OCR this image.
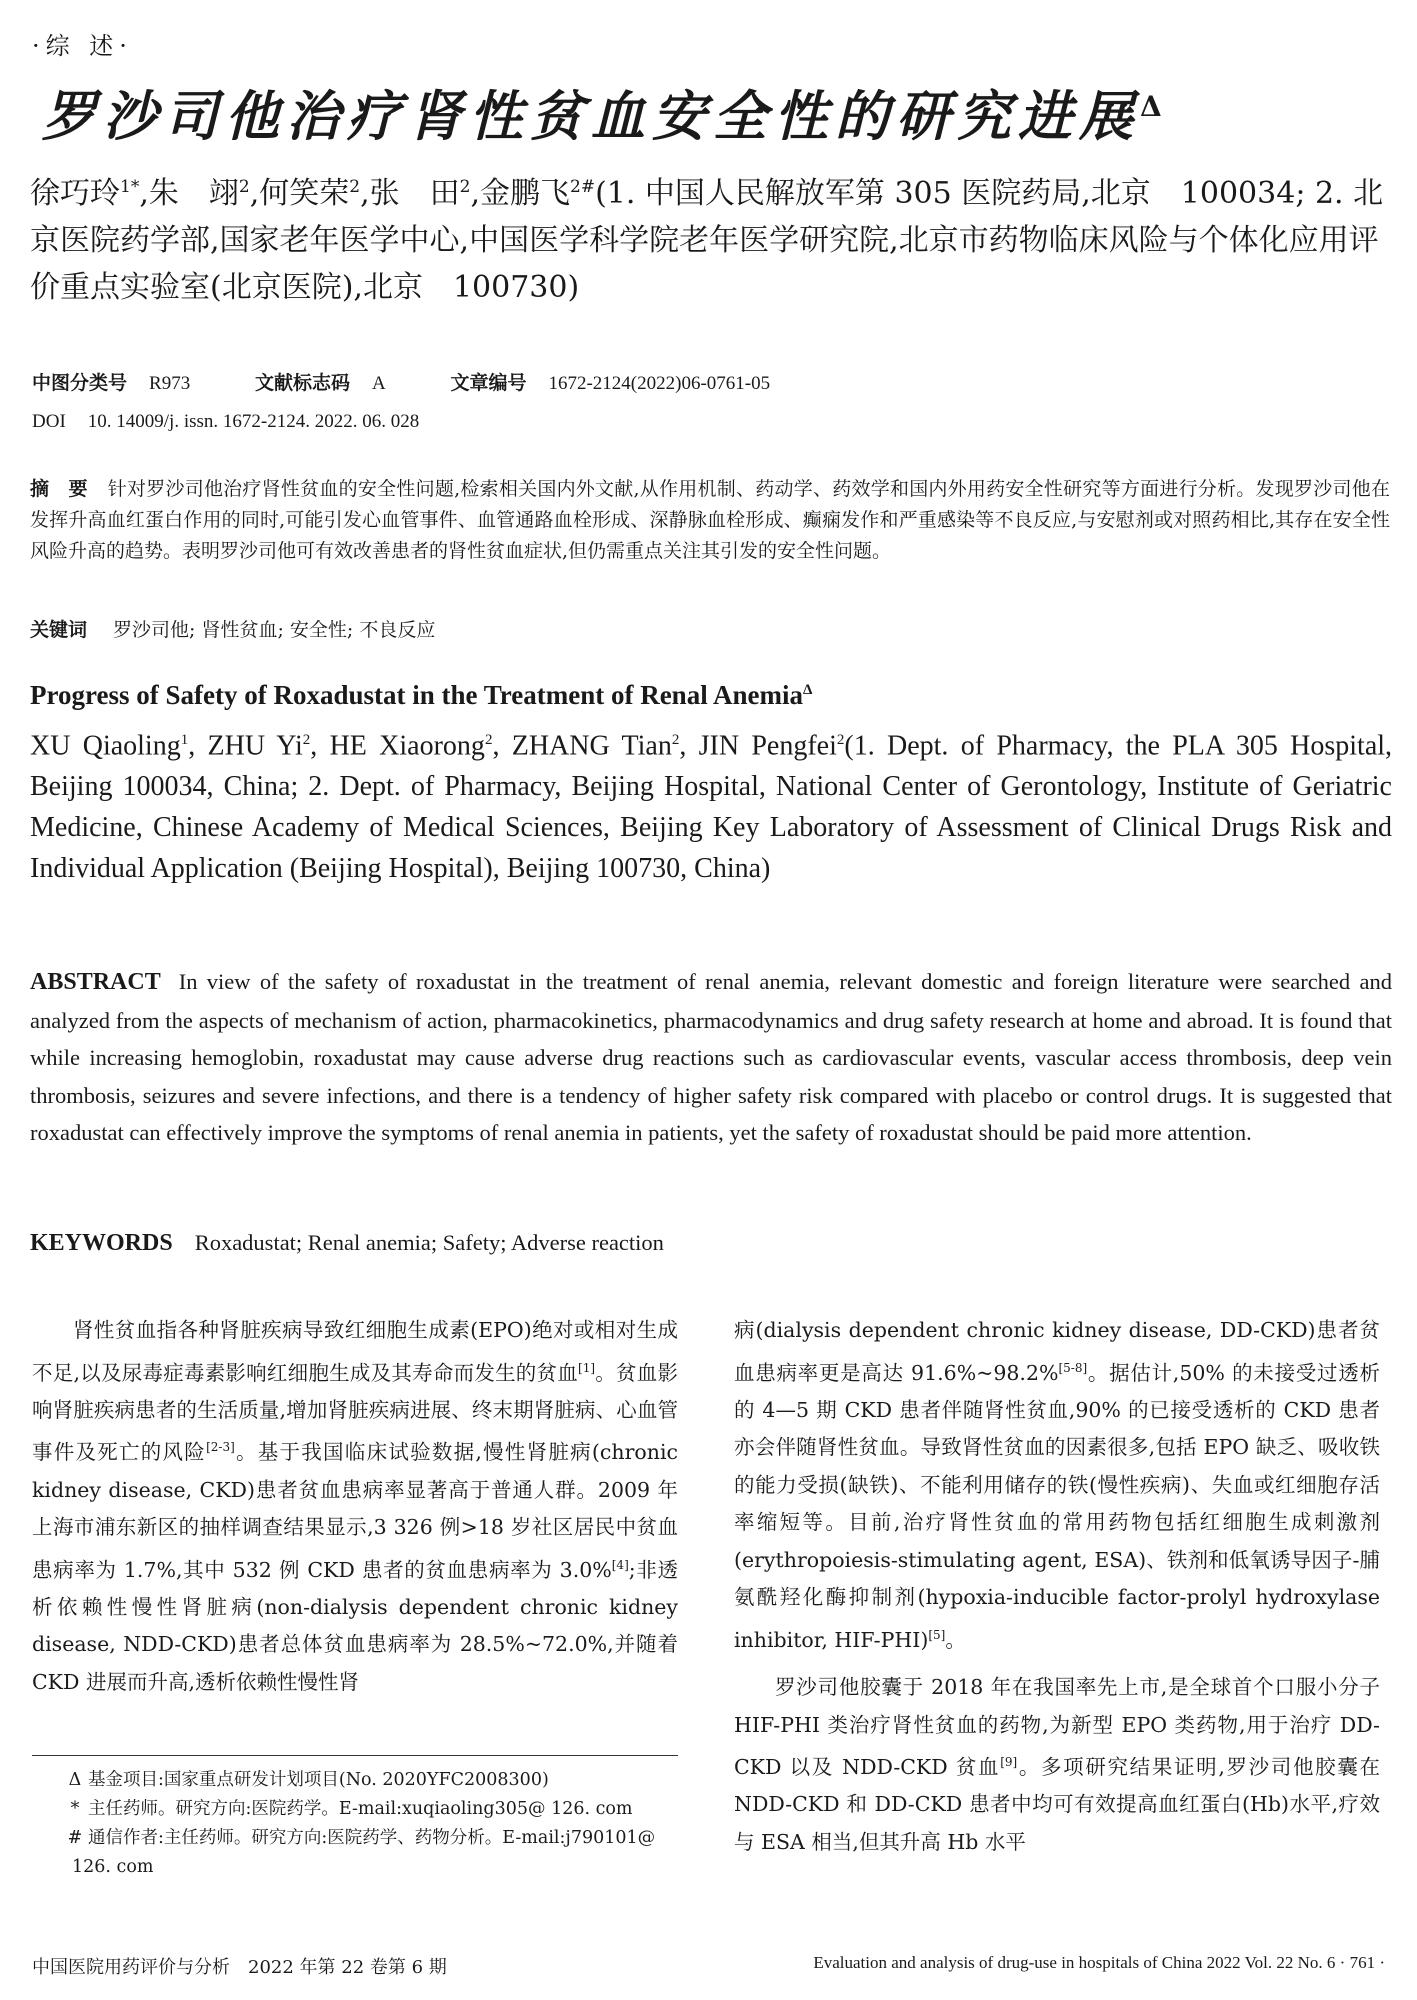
·综 述·
罗沙司他治疗肾性贫血安全性的研究进展$^\Delta$
徐巧玲$^{1*}$,朱　翊$^2$,何笑荣$^2$,张　田$^2$,金鹏飞$^{2\#}$(1. 中国人民解放军第 305 医院药局,北京　100034; 2. 北京医院药学部,国家老年医学中心,中国医学科学院老年医学研究院,北京市药物临床风险与个体化应用评价重点实验室(北京医院),北京　100730)
中图分类号 R973	文献标志码 A	文章编号 1672-2124(2022)06-0761-05
DOI 10. 14009/j. issn. 1672-2124. 2022. 06. 028
摘　要 针对罗沙司他治疗肾性贫血的安全性问题,检索相关国内外文献,从作用机制、药动学、药效学和国内外用药安全性研究等方面进行分析。发现罗沙司他在发挥升高血红蛋白作用的同时,可能引发心血管事件、血管通路血栓形成、深静脉血栓形成、癫痫发作和严重感染等不良反应,与安慰剂或对照药相比,其存在安全性风险升高的趋势。表明罗沙司他可有效改善患者的肾性贫血症状,但仍需重点关注其引发的安全性问题。
关键词 罗沙司他; 肾性贫血; 安全性; 不良反应
Progress of Safety of Roxadustat in the Treatment of Renal Anemia$^\Delta$
XU Qiaoling$^1$, ZHU Yi$^2$, HE Xiaorong$^2$, ZHANG Tian$^2$, JIN Pengfei$^2$(1. Dept. of Pharmacy, the PLA 305 Hospital, Beijing 100034, China; 2. Dept. of Pharmacy, Beijing Hospital, National Center of Gerontology, Institute of Geriatric Medicine, Chinese Academy of Medical Sciences, Beijing Key Laboratory of Assessment of Clinical Drugs Risk and Individual Application (Beijing Hospital), Beijing 100730, China)
ABSTRACT In view of the safety of roxadustat in the treatment of renal anemia, relevant domestic and foreign literature were searched and analyzed from the aspects of mechanism of action, pharmacokinetics, pharmacodynamics and drug safety research at home and abroad. It is found that while increasing hemoglobin, roxadustat may cause adverse drug reactions such as cardiovascular events, vascular access thrombosis, deep vein thrombosis, seizures and severe infections, and there is a tendency of higher safety risk compared with placebo or control drugs. It is suggested that roxadustat can effectively improve the symptoms of renal anemia in patients, yet the safety of roxadustat should be paid more attention.
KEYWORDS Roxadustat; Renal anemia; Safety; Adverse reaction

肾性贫血指各种肾脏疾病导致红细胞生成素(EPO)绝对或相对生成不足,以及尿毒症毒素影响红细胞生成及其寿命而发生的贫血[1]。贫血影响肾脏疾病患者的生活质量,增加肾脏疾病进展、终末期肾脏病、心血管事件及死亡的风险[2-3]。基于我国临床试验数据,慢性肾脏病(chronic kidney disease, CKD)患者贫血患病率显著高于普通人群。2009 年上海市浦东新区的抽样调查结果显示,3 326 例>18 岁社区居民中贫血患病率为 1.7%,其中 532 例 CKD 患者的贫血患病率为 3.0%[4];非透析依赖性慢性肾脏病(non-dialysis dependent chronic kidney disease, NDD-CKD)患者总体贫血患病率为 28.5%~72.0%,并随着 CKD 进展而升高,透析依赖性慢性肾

病(dialysis dependent chronic kidney disease, DD-CKD)患者贫血患病率更是高达 91.6%~98.2%[5-8]。据估计,50% 的未接受过透析的 4—5 期 CKD 患者伴随肾性贫血,90% 的已接受透析的 CKD 患者亦会伴随肾性贫血。导致肾性贫血的因素很多,包括 EPO 缺乏、吸收铁的能力受损(缺铁)、不能利用储存的铁(慢性疾病)、失血或红细胞存活率缩短等。目前,治疗肾性贫血的常用药物包括红细胞生成刺激剂(erythropoiesis-stimulating agent, ESA)、铁剂和低氧诱导因子-脯氨酰羟化酶抑制剂(hypoxia-inducible factor-prolyl hydroxylase inhibitor, HIF-PHI)[5]。

罗沙司他胶囊于 2018 年在我国率先上市,是全球首个口服小分子 HIF-PHI 类治疗肾性贫血的药物,为新型 EPO 类药物,用于治疗 DD-CKD 以及 NDD-CKD 贫血[9]。多项研究结果证明,罗沙司他胶囊在 NDD-CKD 和 DD-CKD 患者中均可有效提高血红蛋白(Hb)水平,疗效与 ESA 相当,但其升高 Hb 水平

Δ 基金项目:国家重点研发计划项目(No. 2020YFC2008300)
* 主任药师。研究方向:医院药学。E-mail:xuqiaoling305@ 126. com
# 通信作者:主任药师。研究方向:医院药学、药物分析。E-mail:j790101@ 126. com
中国医院用药评价与分析　2022 年第 22 卷第 6 期	Evaluation and analysis of drug-use in hospitals of China 2022 Vol. 22 No. 6 · 761 ·
